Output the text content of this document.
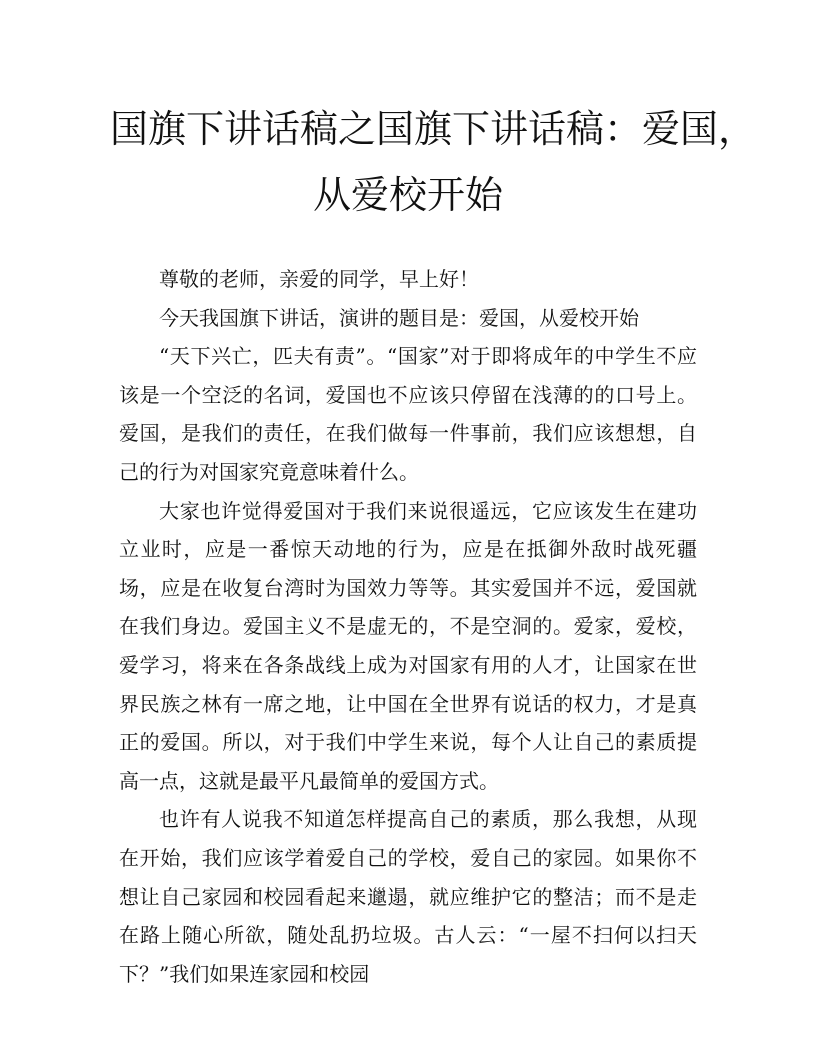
国旗下讲话稿之国旗下讲话稿：爱国，
从爱校开始

尊敬的老师，亲爱的同学，早上好！

今天我国旗下讲话，演讲的题目是：爱国，从爱校开始

“天下兴亡，匹夫有责”。“国家”对于即将成年的中学生不应该是一个空泛的名词，爱国也不应该只停留在浅薄的的口号上。爱国，是我们的责任，在我们做每一件事前，我们应该想想，自己的行为对国家究竟意味着什么。

大家也许觉得爱国对于我们来说很遥远，它应该发生在建功立业时，应是一番惊天动地的行为，应是在抵御外敌时战死疆场，应是在收复台湾时为国效力等等。其实爱国并不远，爱国就在我们身边。爱国主义不是虚无的，不是空洞的。爱家，爱校，爱学习，将来在各条战线上成为对国家有用的人才，让国家在世界民族之林有一席之地，让中国在全世界有说话的权力，才是真正的爱国。所以，对于我们中学生来说，每个人让自己的素质提高一点，这就是最平凡最简单的爱国方式。

也许有人说我不知道怎样提高自己的素质，那么我想，从现在开始，我们应该学着爱自己的学校，爱自己的家园。如果你不想让自己家园和校园看起来邋遢，就应维护它的整洁；而不是走在路上随心所欲，随处乱扔垃圾。古人云：“一屋不扫何以扫天下？”我们如果连家园和校园
